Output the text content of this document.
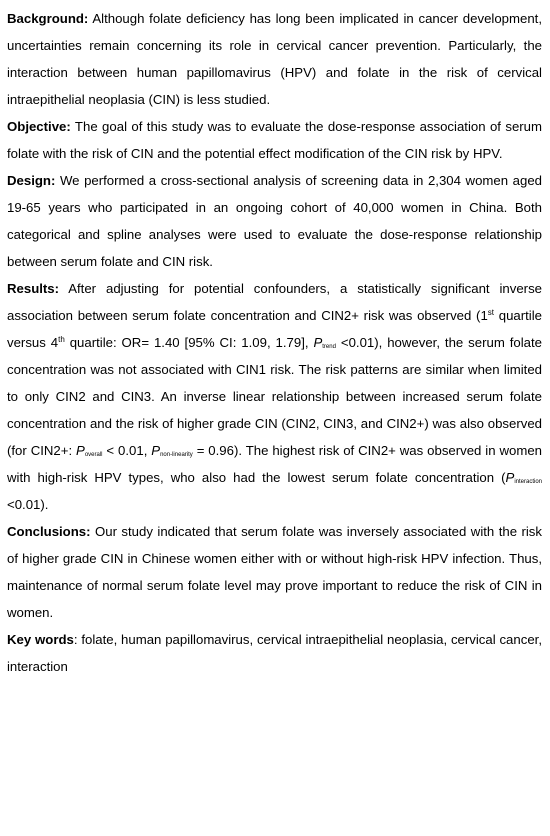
Background: Although folate deficiency has long been implicated in cancer development, uncertainties remain concerning its role in cervical cancer prevention. Particularly, the interaction between human papillomavirus (HPV) and folate in the risk of cervical intraepithelial neoplasia (CIN) is less studied.

Objective: The goal of this study was to evaluate the dose-response association of serum folate with the risk of CIN and the potential effect modification of the CIN risk by HPV.

Design: We performed a cross-sectional analysis of screening data in 2,304 women aged 19-65 years who participated in an ongoing cohort of 40,000 women in China. Both categorical and spline analyses were used to evaluate the dose-response relationship between serum folate and CIN risk.

Results: After adjusting for potential confounders, a statistically significant inverse association between serum folate concentration and CIN2+ risk was observed (1st quartile versus 4th quartile: OR= 1.40 [95% CI: 1.09, 1.79], $P_{trend} <0.01$), however, the serum folate concentration was not associated with CIN1 risk. The risk patterns are similar when limited to only CIN2 and CIN3. An inverse linear relationship between increased serum folate concentration and the risk of higher grade CIN (CIN2, CIN3, and CIN2+) was also observed (for CIN2+: $P_{overall} < 0.01$, $P_{non-linearity} = 0.96$). The highest risk of CIN2+ was observed in women with high-risk HPV types, who also had the lowest serum folate concentration $(P_{interaction} <0.01)$.

Conclusions: Our study indicated that serum folate was inversely associated with the risk of higher grade CIN in Chinese women either with or without high-risk HPV infection. Thus, maintenance of normal serum folate level may prove important to reduce the risk of CIN in women.

Key words: folate, human papillomavirus, cervical intraepithelial neoplasia, cervical cancer, interaction
